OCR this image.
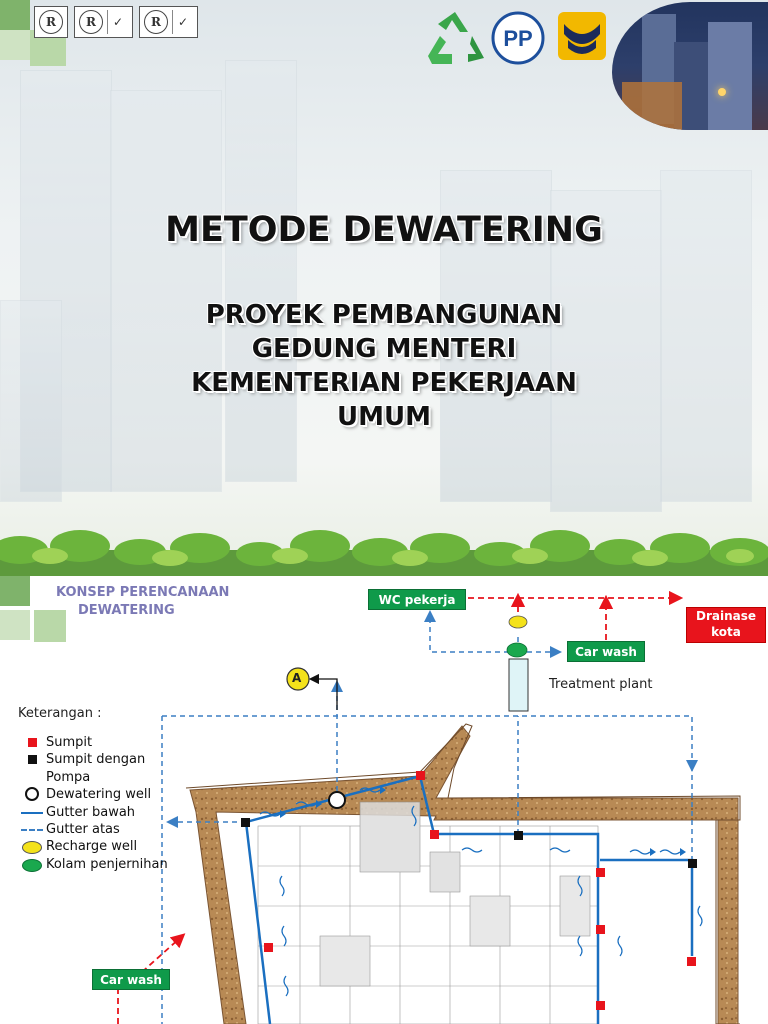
R	R	✓	R	✓
PP
METODE DEWATERING
PROYEK PEMBANGUNAN
GEDUNG MENTERI
KEMENTERIAN PEKERJAAN
UMUM
KONSEP PERENCANAAN
DEWATERING
A
WC pekerja
Car wash
Car wash
Drainase
kota
Treatment plant
Keterangan :
Sumpit
Sumpit dengan
Pompa
Dewatering well
Gutter bawah
Gutter atas
Recharge well
Kolam penjernihan
